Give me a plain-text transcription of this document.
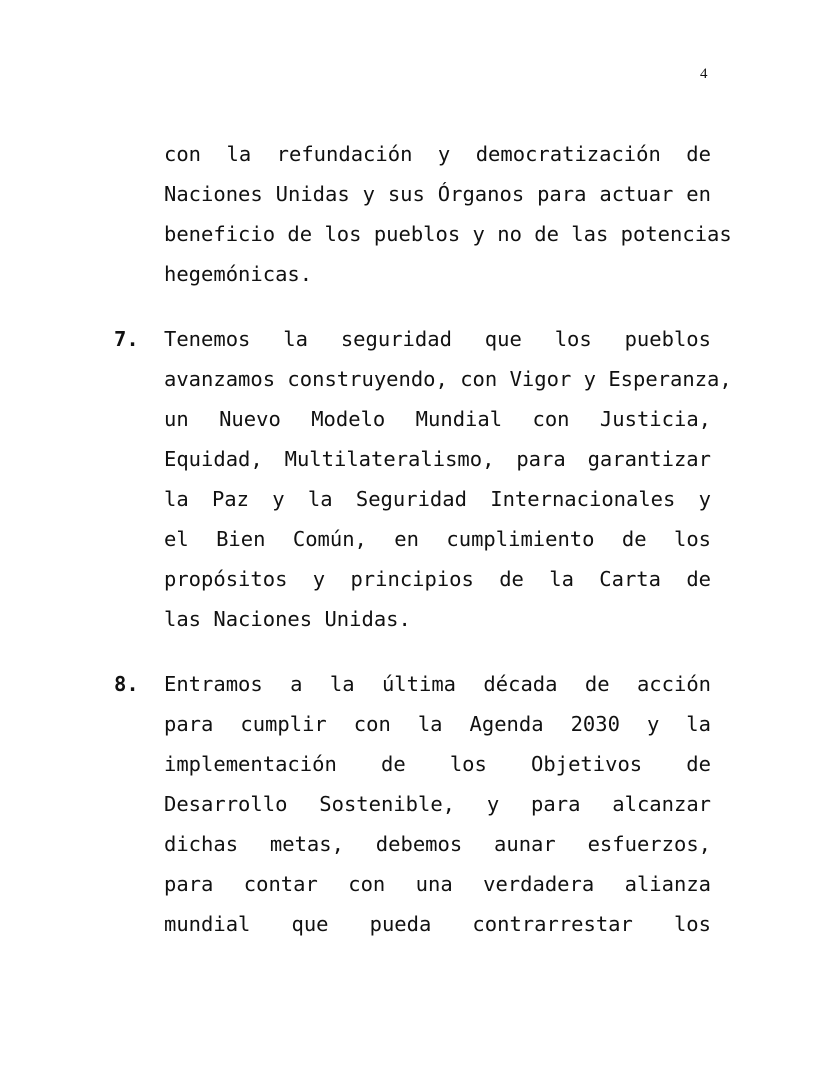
4
con la refundación y democratización de
Naciones Unidas y sus Órganos para actuar en
beneficio de los pueblos y no de las potencias
hegemónicas.
7.	Tenemos la seguridad que los pueblos
avanzamos construyendo, con Vigor y Esperanza,
un Nuevo Modelo Mundial con Justicia,
Equidad, Multilateralismo, para garantizar
la Paz y la Seguridad Internacionales y
el Bien Común, en cumplimiento de los
propósitos y principios de la Carta de
las Naciones Unidas.
8.	Entramos a la última década de acción
para cumplir con la Agenda 2030 y la
implementación de los Objetivos de
Desarrollo Sostenible, y para alcanzar
dichas metas, debemos aunar esfuerzos,
para contar con una verdadera alianza
mundial que pueda contrarrestar los
